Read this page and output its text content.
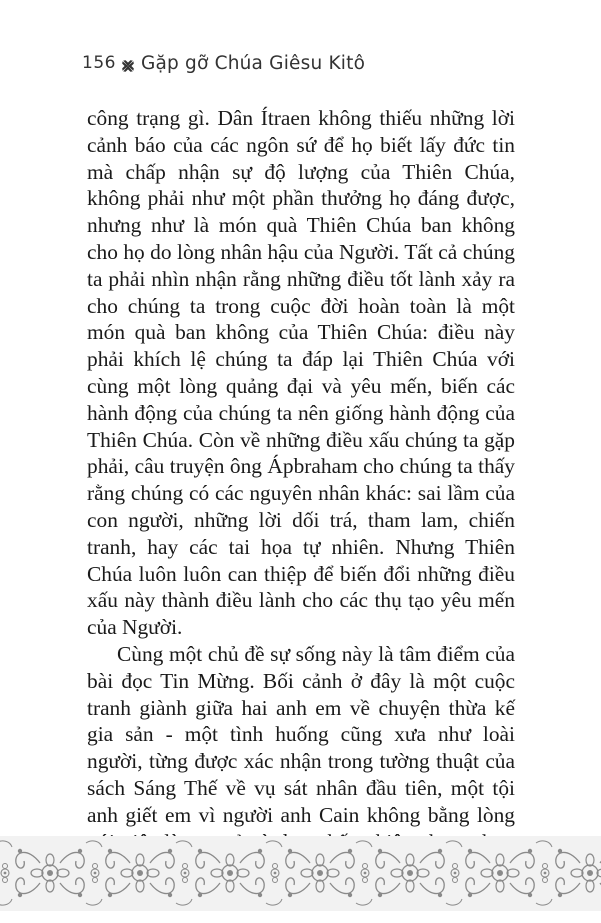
156 Gặp gỡ Chúa Giêsu Kitô

công trạng gì. Dân Ítraen không thiếu những lời cảnh báo của các ngôn sứ để họ biết lấy đức tin mà chấp nhận sự độ lượng của Thiên Chúa, không phải như một phần thưởng họ đáng được, nhưng như là món quà Thiên Chúa ban không cho họ do lòng nhân hậu của Người. Tất cả chúng ta phải nhìn nhận rằng những điều tốt lành xảy ra cho chúng ta trong cuộc đời hoàn toàn là một món quà ban không của Thiên Chúa: điều này phải khích lệ chúng ta đáp lại Thiên Chúa với cùng một lòng quảng đại và yêu mến, biến các hành động của chúng ta nên giống hành động của Thiên Chúa. Còn về những điều xấu chúng ta gặp phải, câu truyện ông Ápbraham cho chúng ta thấy rằng chúng có các nguyên nhân khác: sai lầm của con người, những lời dối trá, tham lam, chiến tranh, hay các tai họa tự nhiên. Nhưng Thiên Chúa luôn luôn can thiệp để biến đổi những điều xấu này thành điều lành cho các thụ tạo yêu mến của Người.

Cùng một chủ đề sự sống này là tâm điểm của bài đọc Tin Mừng. Bối cảnh ở đây là một cuộc tranh giành giữa hai anh em về chuyện thừa kế gia sản - một tình huống cũng xưa như loài người, từng được xác nhận trong tường thuật của sách Sáng Thế về vụ sát nhân đầu tiên, một tội anh giết em vì người anh Cain không bằng lòng
